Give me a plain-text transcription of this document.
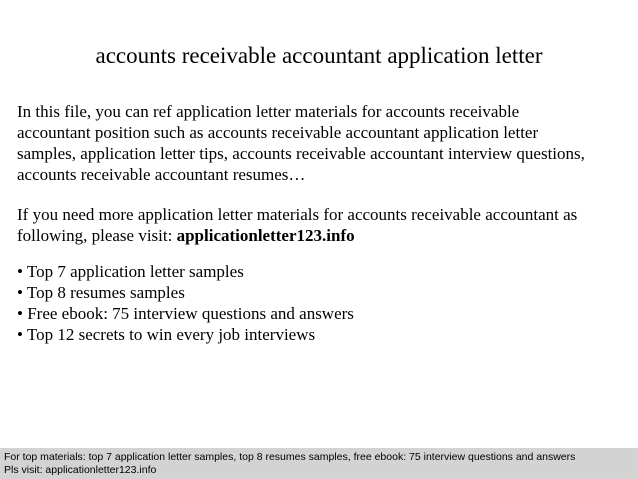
accounts receivable accountant application letter
In this file, you can ref application letter materials for accounts receivable
accountant position such as accounts receivable accountant application letter
samples, application letter tips, accounts receivable accountant interview questions,
accounts receivable accountant resumes…
If you need more application letter materials for accounts receivable accountant as
following, please visit: applicationletter123.info
• Top 7 application letter samples
• Top 8 resumes samples
• Free ebook: 75 interview questions and answers
• Top 12 secrets to win every job interviews
For top materials: top 7 application letter samples, top 8 resumes samples, free ebook: 75 interview questions and answers
Pls visit: applicationletter123.info
